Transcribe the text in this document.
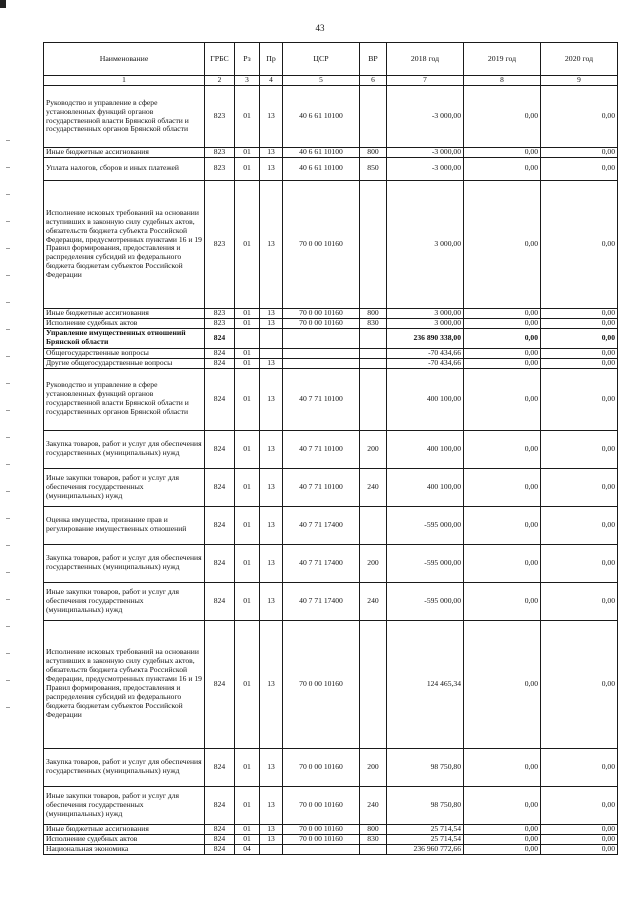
43
Наименование	ГРБС	Рз	Пр	ЦСР	ВР	2018 год	2019 год	2020 год
1	2	3	4	5	6	7	8	9
Руководство и управление в сфере установленных функций органов государственной власти Брянской области и государственных органов Брянской области	823	01	13	40 6 61 10100		-3 000,00	0,00	0,00
Иные бюджетные ассигнования	823	01	13	40 6 61 10100	800	-3 000,00	0,00	0,00
Уплата налогов, сборов и иных платежей	823	01	13	40 6 61 10100	850	-3 000,00	0,00	0,00
Исполнение исковых требований на основании вступивших в законную силу судебных актов, обязательств бюджета субъекта Российской Федерации, предусмотренных пунктами 16 и 19 Правил формирования, предоставления и распределения субсидий из федерального бюджета бюджетам субъектов Российской Федерации	823	01	13	70 0 00 10160		3 000,00	0,00	0,00
Иные бюджетные ассигнования	823	01	13	70 0 00 10160	800	3 000,00	0,00	0,00
Исполнение судебных актов	823	01	13	70 0 00 10160	830	3 000,00	0,00	0,00
Управление имущественных отношений Брянской области	824					236 890 338,00	0,00	0,00
Общегосударственные вопросы	824	01				-70 434,66	0,00	0,00
Другие общегосударственные вопросы	824	01	13			-70 434,66	0,00	0,00
Руководство и управление в сфере установленных функций органов государственной власти Брянской области и государственных органов Брянской области	824	01	13	40 7 71 10100		400 100,00	0,00	0,00
Закупка товаров, работ и услуг для обеспечения государственных (муниципальных) нужд	824	01	13	40 7 71 10100	200	400 100,00	0,00	0,00
Иные закупки товаров, работ и услуг для обеспечения государственных (муниципальных) нужд	824	01	13	40 7 71 10100	240	400 100,00	0,00	0,00
Оценка имущества, признание прав и регулирование имущественных отношений	824	01	13	40 7 71 17400		-595 000,00	0,00	0,00
Закупка товаров, работ и услуг для обеспечения государственных (муниципальных) нужд	824	01	13	40 7 71 17400	200	-595 000,00	0,00	0,00
Иные закупки товаров, работ и услуг для обеспечения государственных (муниципальных) нужд	824	01	13	40 7 71 17400	240	-595 000,00	0,00	0,00
Исполнение исковых требований на основании вступивших в законную силу судебных актов, обязательств бюджета субъекта Российской Федерации, предусмотренных пунктами 16 и 19 Правил формирования, предоставления и распределения субсидий из федерального бюджета бюджетам субъектов Российской Федерации	824	01	13	70 0 00 10160		124 465,34	0,00	0,00
Закупка товаров, работ и услуг для обеспечения государственных (муниципальных) нужд	824	01	13	70 0 00 10160	200	98 750,80	0,00	0,00
Иные закупки товаров, работ и услуг для обеспечения государственных (муниципальных) нужд	824	01	13	70 0 00 10160	240	98 750,80	0,00	0,00
Иные бюджетные ассигнования	824	01	13	70 0 00 10160	800	25 714,54	0,00	0,00
Исполнение судебных актов	824	01	13	70 0 00 10160	830	25 714,54	0,00	0,00
Национальная экономика	824	04				236 960 772,66	0,00	0,00
